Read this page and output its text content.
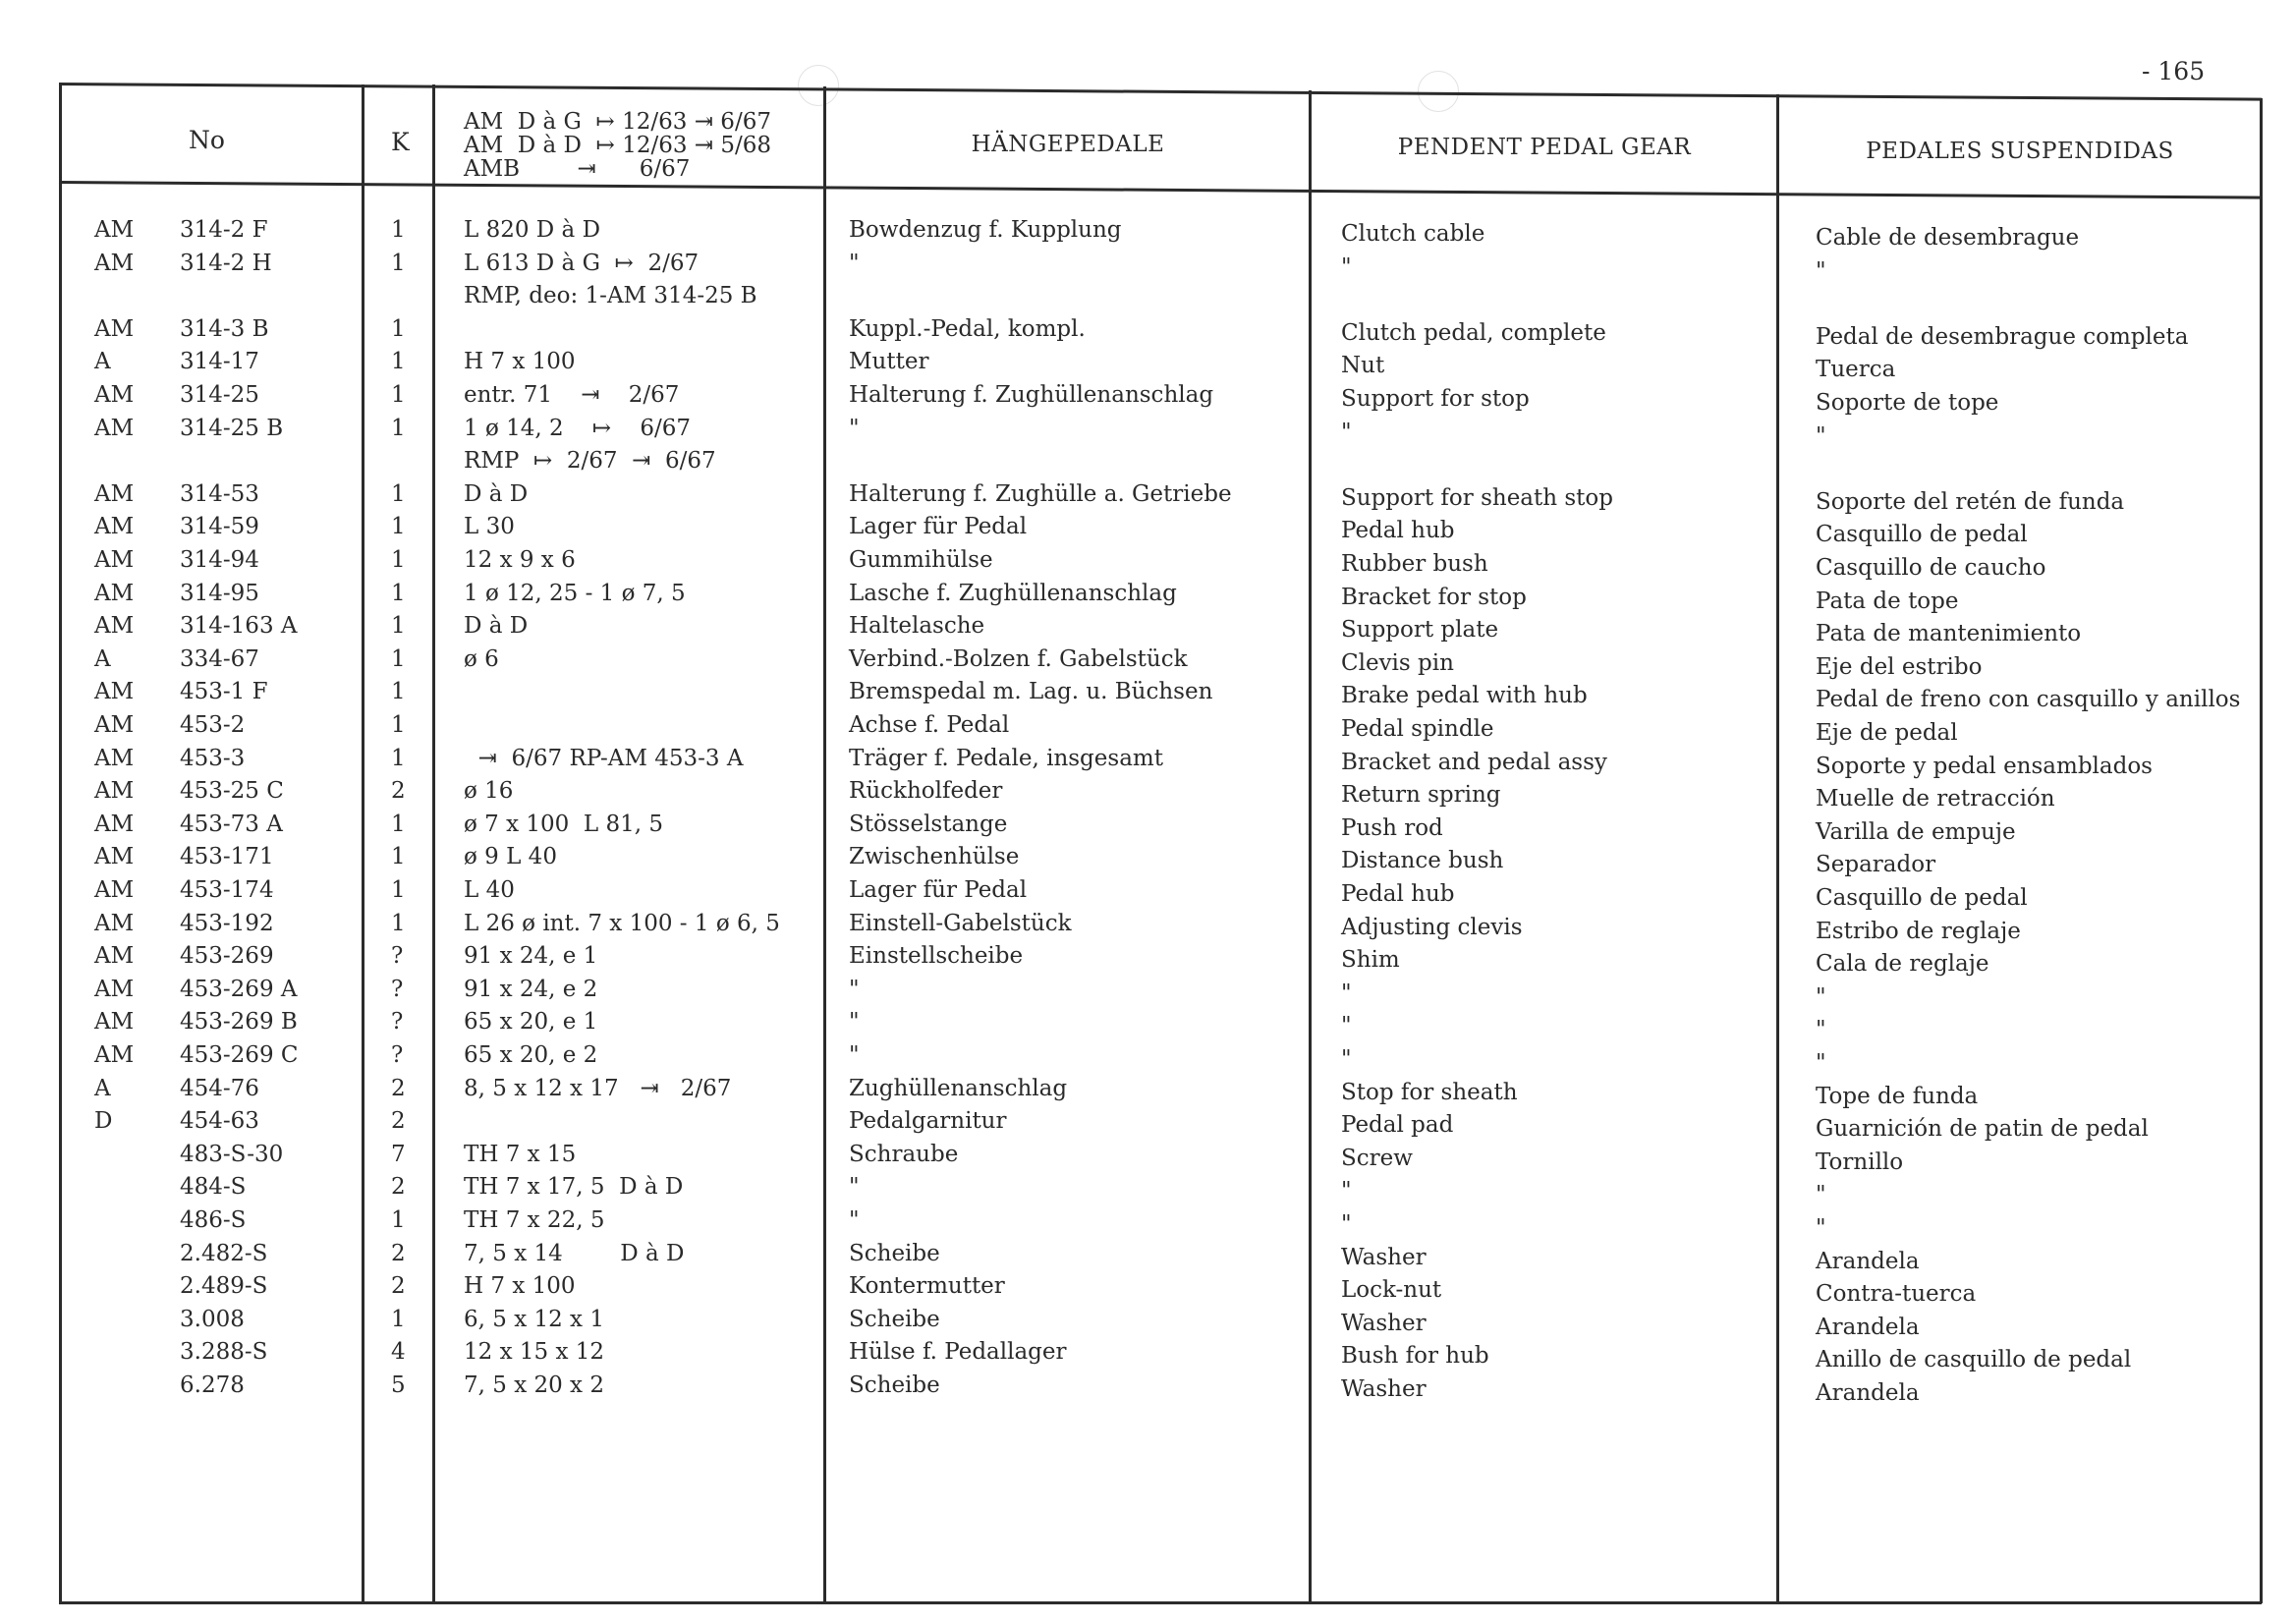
- 165
No	K
AM  D à G  ↦ 12/63 ⇥ 6/67
AM  D à D  ↦ 12/63 ⇥ 5/68
AMB        ⇥      6/67
HÄNGEPEDALE	PENDENT PEDAL GEAR	PEDALES SUSPENDIDAS
AM 314-2 F	1	L 820 D à D	Bowdenzug f. Kupplung	Clutch cable	Cable de desembrague
AM 314-2 H	1	L 613 D à G  ↦  2/67	"	"	"
RMP, deo: 1-AM 314-25 B
AM 314-3 B	1	Kuppl.-Pedal, kompl.	Clutch pedal, complete	Pedal de desembrague completa
A	314-17	1	H 7 x 100	Mutter	Nut	Tuerca
AM 314-25	1	entr. 71    ⇥    2/67	Halterung f. Zughüllenanschlag	Support for stop	Soporte de tope
AM 314-25 B	1	1 ø 14, 2    ↦    6/67	"	"	"
RMP  ↦  2/67  ⇥  6/67
AM 314-53	1	D à D	Halterung f. Zughülle a. Getriebe	Support for sheath stop	Soporte del retén de funda
AM 314-59	1	L 30	Lager für Pedal	Pedal hub	Casquillo de pedal
AM 314-94	1	12 x 9 x 6	Gummihülse	Rubber bush	Casquillo de caucho
AM 314-95	1	1 ø 12, 25 - 1 ø 7, 5	Lasche f. Zughüllenanschlag	Bracket for stop	Pata de tope
AM 314-163 A	1	D à D	Haltelasche	Support plate	Pata de mantenimiento
A	334-67	1	ø 6	Verbind.-Bolzen f. Gabelstück	Clevis pin	Eje del estribo
AM 453-1 F	1	Bremspedal m. Lag. u. Büchsen	Brake pedal with hub	Pedal de freno con casquillo y anillos
AM 453-2	1	Achse f. Pedal	Pedal spindle	Eje de pedal
AM 453-3	1	⇥  6/67 RP-AM 453-3 A	Träger f. Pedale, insgesamt	Bracket and pedal assy	Soporte y pedal ensamblados
AM 453-25 C	2	ø 16	Rückholfeder	Return spring	Muelle de retracción
AM 453-73 A	1	ø 7 x 100  L 81, 5	Stösselstange	Push rod	Varilla de empuje
AM 453-171	1	ø 9 L 40	Zwischenhülse	Distance bush	Separador
AM 453-174	1	L 40	Lager für Pedal	Pedal hub	Casquillo de pedal
AM 453-192	1	L 26 ø int. 7 x 100 - 1 ø 6, 5	Einstell-Gabelstück	Adjusting clevis	Estribo de reglaje
AM 453-269	?	91 x 24, e 1	Einstellscheibe	Shim	Cala de reglaje
AM 453-269 A	?	91 x 24, e 2	"	"	"
AM 453-269 B	?	65 x 20, e 1	"	"	"
AM 453-269 C	?	65 x 20, e 2	"	"	"
A	454-76	2	8, 5 x 12 x 17   ⇥   2/67	Zughüllenanschlag	Stop for sheath	Tope de funda
D	454-63	2	Pedalgarnitur	Pedal pad	Guarnición de patin de pedal
483-S-30	7	TH 7 x 15	Schraube	Screw	Tornillo
484-S	2	TH 7 x 17, 5  D à D	"	"	"
486-S	1	TH 7 x 22, 5	"	"	"
2.482-S	2	7, 5 x 14        D à D	Scheibe	Washer	Arandela
2.489-S	2	H 7 x 100	Kontermutter	Lock-nut	Contra-tuerca
3.008	1	6, 5 x 12 x 1	Scheibe	Washer	Arandela
3.288-S	4	12 x 15 x 12	Hülse f. Pedallager	Bush for hub	Anillo de casquillo de pedal
6.278	5	7, 5 x 20 x 2	Scheibe	Washer	Arandela
